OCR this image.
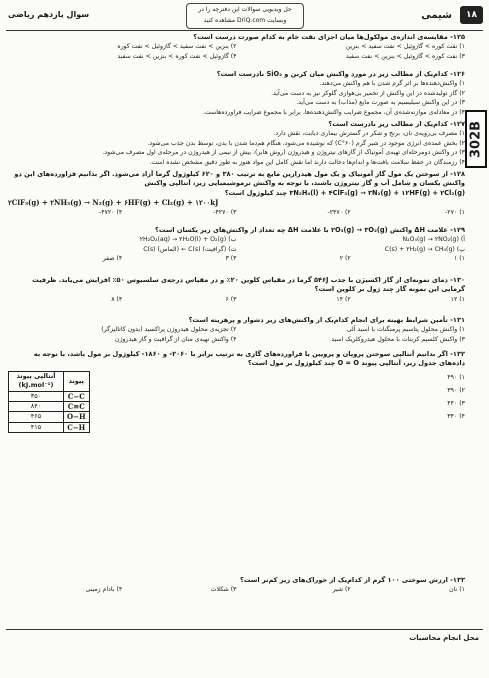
سوال یازدهم ریاضی
حل ویدیویی سوالات این دفترچه را در
وبسایت DriQ.com مشاهده کنید
۱۸
شیمی
302B
۱۲۵- مقایسه‌ی اندازه‌ی مولکول‌ها میان اجزای نفت خام به کدام صورت درست است؟
۱) نفت کوره > گازوئیل > نفت سفید > بنزین
۲) بنزین > نفت سفید > گازوئیل > نفت کوره
۳) نفت کوره > گازوئیل > بنزین > نفت سفید
۴) گازوئیل > نفت کوره > بنزین > نفت سفید
۱۲۶- کدام‌یک از مطالب زیر در مورد واکنش میان کربن و SiO₂ نادرست است؟
۱) واکنش‌دهنده‌ها بر اثر گرم شدن با هم واکنش می‌دهند.
۲) گاز تولیدشده در این واکنش از تخمیر بی‌هوازی گلوکز نیز به دست می‌آید.
۳) در این واکنش سیلیسیم به صورت مایع (مذاب) به دست می‌آید.
۴) در معادله‌ی موازنه‌شده‌ی آن، مجموع ضرایب واکنش‌دهنده‌ها، برابر با مجموع ضرایب فراورده‌هاست.
۱۲۷- کدام‌یک از مطالب زیر نادرست است؟
۱) مصرف بی‌رویه‌ی نان، برنج و شکر در گسترش بیماری دیابت، نقش دارد.
۲) بخش عمده‌ی انرژی موجود در شیر گرم (C°۶۰) که نوشیده می‌شود، هنگام هم‌دما شدن با بدن، توسط بدن جذب می‌شود.
۳) در واکنش دومرحله‌ای تهیه‌ی آمونیاک از گازهای نیتروژن و هیدروژن (روش هابر)، بیش از نیمی از هیدروژن در مرحله‌ی اول مصرف می‌شود.
۴) رزمندگان در حفظ سلامت بافت‌ها و اندام‌ها دخالت دارند اما نقش کامل این مواد هنوز به طور دقیق مشخص نشده است.
۱۲۸- از سوختن یک مول گاز آمونیاک و یک مول هیدرازین مایع به ترتیب ۳۸۰ و ۶۲۰ کیلوژول گرما آزاد می‌شود. اگر بدانیم فراورده‌های این دو
واکنش یکسان و شامل آب و گاز نیتروژن باشند، با توجه به واکنش ترموشیمیایی زیر، آنتالپی واکنش
۳N₂H₄(l) + ۴ClF₃(g) → ۳N₂(g) + ۱۲HF(g) + ۲Cl₂(g) چند کیلوژول است؟
۲ClF₃(g) + ۲NH₃(g) → N₂(g) + ۶HF(g) + Cl₂(g) + ۱۲۰۰kJ
۱) ۲۷۰-
۲) ۲۴۷۰-
۳) ۴۲۷۰-
۴) ۴۷۲۰-
۱۲۹- علامت ΔH واکنش ۲O₃(g) → ۳O₂(g) با علامت ΔH چه تعداد از واکنش‌های زیر یکسان است؟
آ) N₂O₄(g) → ۲NO₂(g)
ب) ۲H₂O₂(aq) → ۲H₂O(l) + O₂(g)
پ) C(s) + ۲H₂(g) → CH₄(g)
ت) (گرافیت) C(s) ← (الماس) C(s)
۱) ۱
۲) ۲
۳) ۳
۴) صفر
۱۳۰- دمای نمونه‌ای از گاز اکسیژن با جذب ۵۴۶J گرما در مقیاس کلوین ۲۰٪ و در مقیاس درجه‌ی سلسیوس ۵۰٪ افزایش می‌یابد. ظرفیت
گرمایی این نمونه گاز چند ژول بر کلوین است؟
۱) ۱۲
۲) ۱۴
۳) ۶
۴) ۸
۱۳۱- تأمین شرایط بهینه برای انجام کدام‌یک از واکنش‌های زیر دشوار و پرهزینه است؟
۱) واکنش محلول پتاسیم پرمنگنات با اسید آلی
۲) تجزیه‌ی محلول هیدروژن پراکسید (بدون کاتالیزگر)
۳) واکنش کلسیم کربنات با محلول هیدروکلریک اسید
۴) واکنش تهیه‌ی متان از گرافیت و گاز هیدروژن
۱۳۲- اگر بدانیم آنتالپی سوختن پروپان و پروپین با فراورده‌های گازی به ترتیب برابر با ۲۰۶۰- و ۱۸۶۰- کیلوژول بر مول باشد، با توجه به
داده‌های جدول زیر، آنتالپی پیوند O = O چند کیلوژول بر مول است؟
۱) ۴۹۰
۲) ۳۹۰
۳) ۴۴۰
۴) ۳۴۰
پیوند	آنتالپی پیوند (kJ.mol⁻¹)
C−C	۳۵۰
C≡C	۸۴۰
O−H	۴۶۵
C−H	۴۱۵
۱۳۳- ارزش سوختی ۱۰۰ گرم از کدام‌یک از خوراک‌های زیر کم‌تر است؟
۱) نان
۲) شیر
۳) شکلات
۴) بادام زمینی
محل انجام محاسبات
